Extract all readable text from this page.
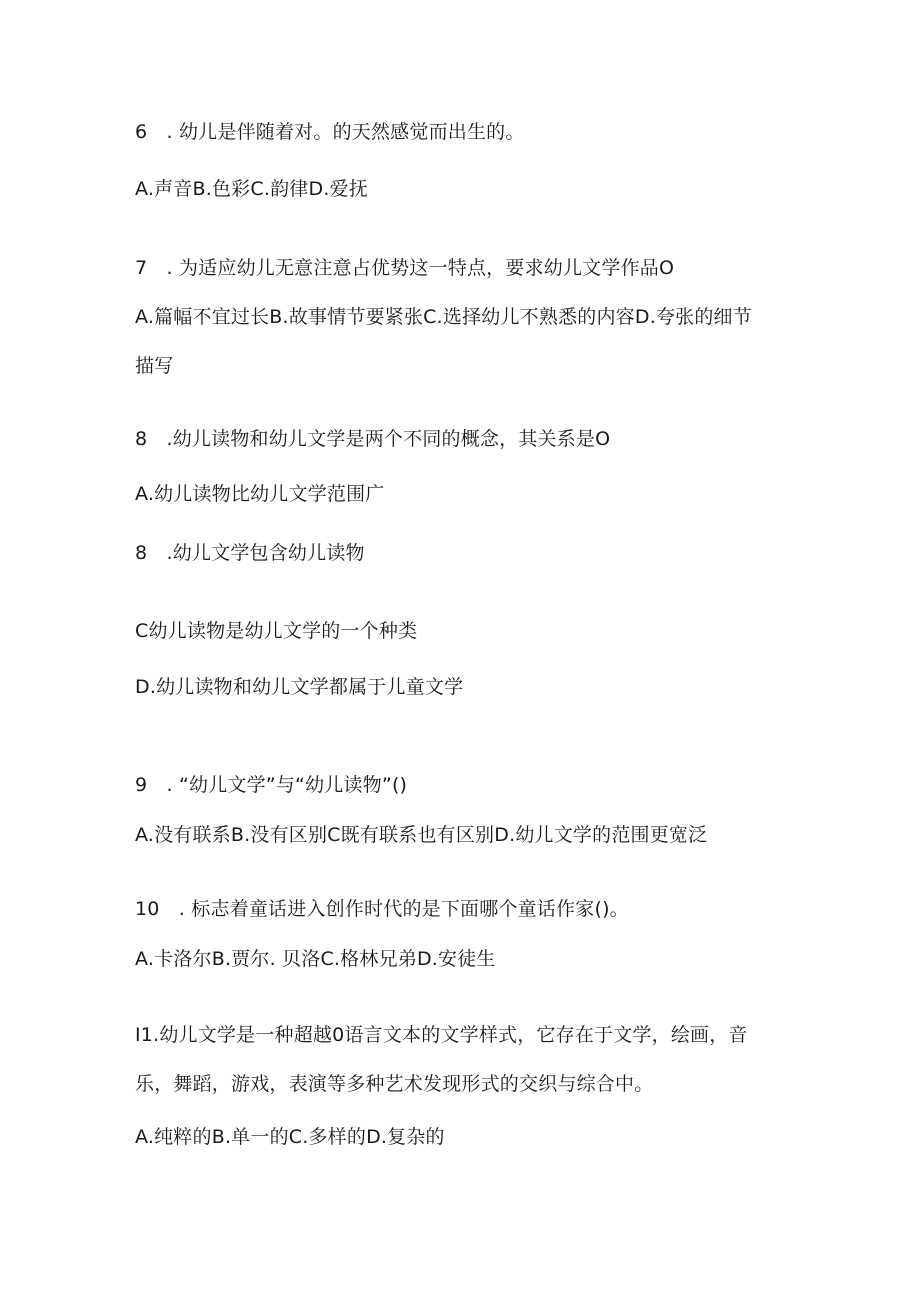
6　. 幼儿是伴随着对。的天然感觉而出生的。
A.声音B.色彩C.韵律D.爱抚
7　. 为适应幼儿无意注意占优势这一特点，要求幼儿文学作品O
A.篇幅不宜过长B.故事情节要紧张C.选择幼儿不熟悉的内容D.夸张的细节
描写
8　.幼儿读物和幼儿文学是两个不同的概念，其关系是O
A.幼儿读物比幼儿文学范围广
8　.幼儿文学包含幼儿读物
C幼儿读物是幼儿文学的一个种类
D.幼儿读物和幼儿文学都属于儿童文学
9　. “幼儿文学”与“幼儿读物”()
A.没有联系B.没有区别C既有联系也有区别D.幼儿文学的范围更宽泛
10　. 标志着童话进入创作时代的是下面哪个童话作家()。
A.卡洛尔B.贾尔. 贝洛C.格林兄弟D.安徒生
I1.幼儿文学是一种超越0语言文本的文学样式，它存在于文学，绘画，音
乐，舞蹈，游戏，表演等多种艺术发现形式的交织与综合中。
A.纯粹的B.单一的C.多样的D.复杂的
